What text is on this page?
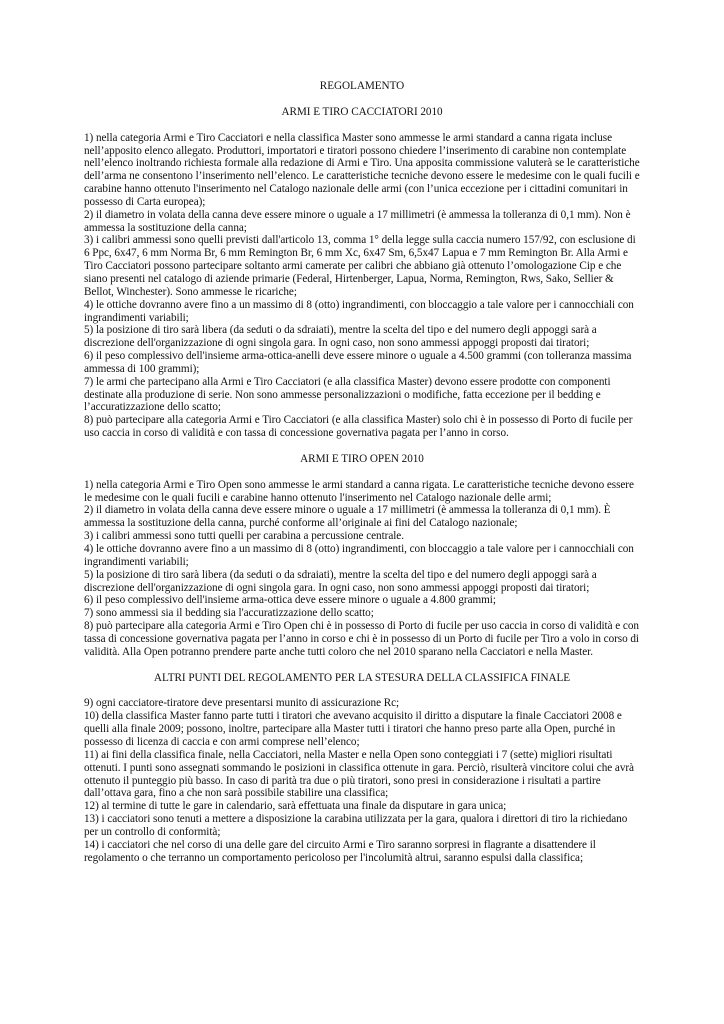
REGOLAMENTO
ARMI E TIRO CACCIATORI 2010

1) nella categoria Armi e Tiro Cacciatori e nella classifica Master sono ammesse le armi standard a canna rigata incluse nell’apposito elenco allegato. Produttori, importatori e tiratori possono chiedere l’inserimento di carabine non contemplate nell’elenco inoltrando richiesta formale alla redazione di Armi e Tiro. Una apposita commissione valuterà se le caratteristiche dell’arma ne consentono l’inserimento nell’elenco. Le caratteristiche tecniche devono essere le medesime con le quali fucili e carabine hanno ottenuto l'inserimento nel Catalogo nazionale delle armi (con l’unica eccezione per i cittadini comunitari in possesso di Carta europea);

2) il diametro in volata della canna deve essere minore o uguale a 17 millimetri (è ammessa la tolleranza di 0,1 mm). Non è ammessa la sostituzione della canna;

3) i calibri ammessi sono quelli previsti dall'articolo 13, comma 1° della legge sulla caccia numero 157/92, con esclusione di 6 Ppc, 6x47, 6 mm Norma Br, 6 mm Remington Br, 6 mm Xc, 6x47 Sm, 6,5x47 Lapua e 7 mm Remington Br. Alla Armi e Tiro Cacciatori possono partecipare soltanto armi camerate per calibri che abbiano già ottenuto l’omologazione Cip e che siano presenti nel catalogo di aziende primarie (Federal, Hirtenberger, Lapua, Norma, Remington, Rws, Sako, Sellier & Bellot, Winchester). Sono ammesse le ricariche;

4) le ottiche dovranno avere fino a un massimo di 8 (otto) ingrandimenti, con bloccaggio a tale valore per i cannocchiali con ingrandimenti variabili;

5) la posizione di tiro sarà libera (da seduti o da sdraiati), mentre la scelta del tipo e del numero degli appoggi sarà a discrezione dell'organizzazione di ogni singola gara. In ogni caso, non sono ammessi appoggi proposti dai tiratori;

6) il peso complessivo dell'insieme arma-ottica-anelli deve essere minore o uguale a 4.500 grammi (con tolleranza massima ammessa di 100 grammi);

7) le armi che partecipano alla Armi e Tiro Cacciatori (e alla classifica Master) devono essere prodotte con componenti destinate alla produzione di serie. Non sono ammesse personalizzazioni o modifiche, fatta eccezione per il bedding e l’accuratizzazione dello scatto;

8) può partecipare alla categoria Armi e Tiro Cacciatori (e alla classifica Master) solo chi è in possesso di Porto di fucile per uso caccia in corso di validità e con tassa di concessione governativa pagata per l’anno in corso.

ARMI E TIRO OPEN 2010

1) nella categoria Armi e Tiro Open sono ammesse le armi standard a canna rigata. Le caratteristiche tecniche devono essere le medesime con le quali fucili e carabine hanno ottenuto l'inserimento nel Catalogo nazionale delle armi;

2) il diametro in volata della canna deve essere minore o uguale a 17 millimetri (è ammessa la tolleranza di 0,1 mm). È ammessa la sostituzione della canna, purché conforme all’originale ai fini del Catalogo nazionale;

3) i calibri ammessi sono tutti quelli per carabina a percussione centrale.

4) le ottiche dovranno avere fino a un massimo di 8 (otto) ingrandimenti, con bloccaggio a tale valore per i cannocchiali con ingrandimenti variabili;

5) la posizione di tiro sarà libera (da seduti o da sdraiati), mentre la scelta del tipo e del numero degli appoggi sarà a discrezione dell'organizzazione di ogni singola gara. In ogni caso, non sono ammessi appoggi proposti dai tiratori;

6) il peso complessivo dell'insieme arma-ottica deve essere minore o uguale a 4.800 grammi;

7) sono ammessi sia il bedding sia l'accuratizzazione dello scatto;

8) può partecipare alla categoria Armi e Tiro Open chi è in possesso di Porto di fucile per uso caccia in corso di validità e con tassa di concessione governativa pagata per l’anno in corso e chi è in possesso di un Porto di fucile per Tiro a volo in corso di validità. Alla Open potranno prendere parte anche tutti coloro che nel 2010 sparano nella Cacciatori e nella Master.

ALTRI PUNTI DEL REGOLAMENTO PER LA STESURA DELLA CLASSIFICA FINALE

9) ogni cacciatore-tiratore deve presentarsi munito di assicurazione Rc;

10) della classifica Master fanno parte tutti i tiratori che avevano acquisito il diritto a disputare la finale Cacciatori 2008 e quelli alla finale 2009; possono, inoltre, partecipare alla Master tutti i tiratori che hanno preso parte alla Open, purché in possesso di licenza di caccia e con armi comprese nell’elenco;

11) ai fini della classifica finale, nella Cacciatori, nella Master e nella Open sono conteggiati i 7 (sette) migliori risultati ottenuti. I punti sono assegnati sommando le posizioni in classifica ottenute in gara. Perciò, risulterà vincitore colui che avrà ottenuto il punteggio più basso. In caso di parità tra due o più tiratori, sono presi in considerazione i risultati a partire dall’ottava gara, fino a che non sarà possibile stabilire una classifica;

12) al termine di tutte le gare in calendario, sarà effettuata una finale da disputare in gara unica;

13) i cacciatori sono tenuti a mettere a disposizione la carabina utilizzata per la gara, qualora i direttori di tiro la richiedano per un controllo di conformità;

14) i cacciatori che nel corso di una delle gare del circuito Armi e Tiro saranno sorpresi in flagrante a disattendere il regolamento o che terranno un comportamento pericoloso per l'incolumità altrui, saranno espulsi dalla classifica;
